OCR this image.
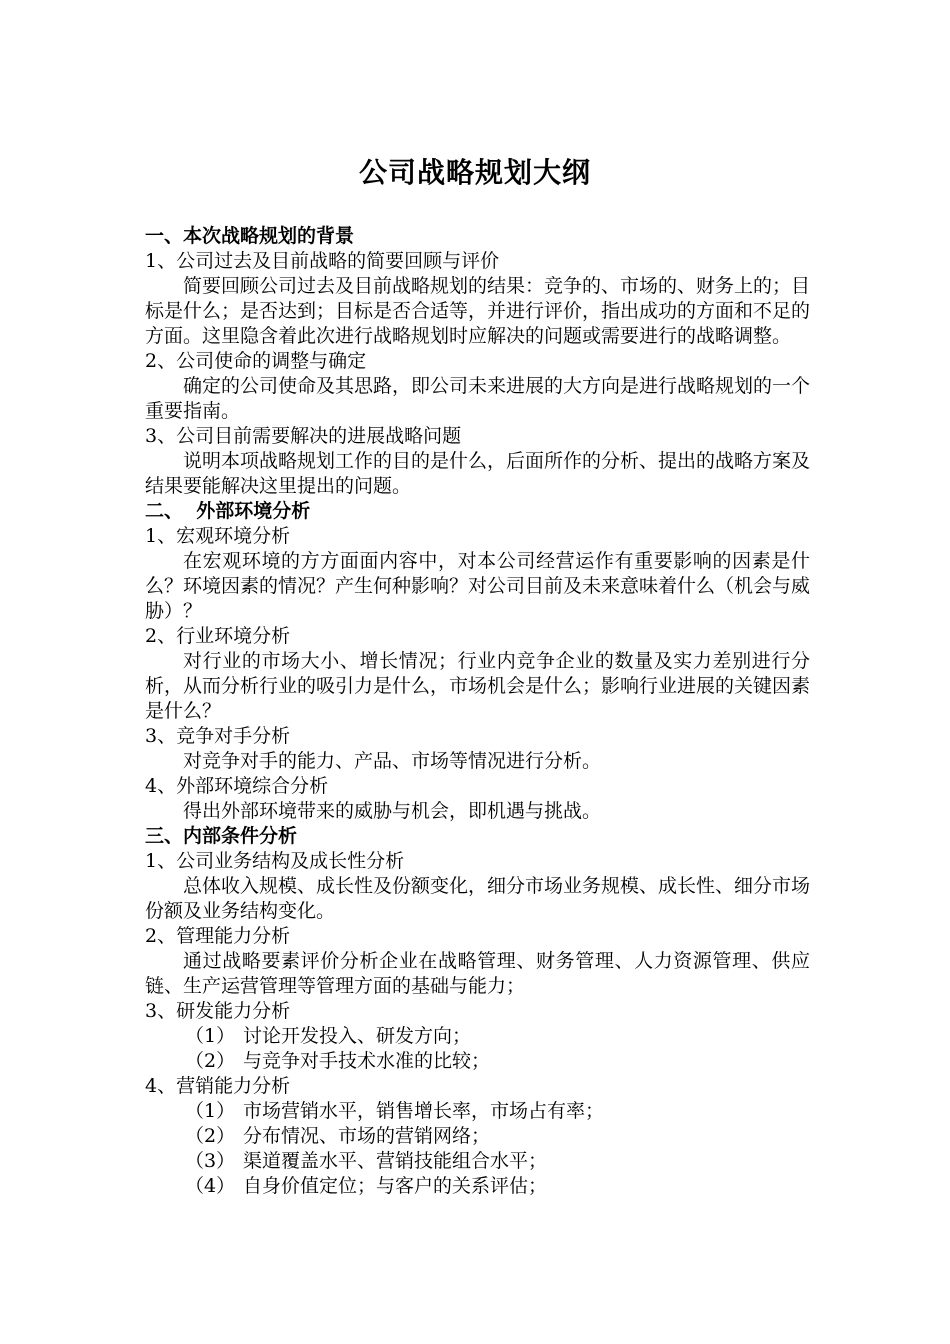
公司战略规划大纲
一、本次战略规划的背景
1、公司过去及目前战略的简要回顾与评价
简要回顾公司过去及目前战略规划的结果：竞争的、市场的、财务上的；目标是什么；是否达到；目标是否合适等，并进行评价，指出成功的方面和不足的方面。这里隐含着此次进行战略规划时应解决的问题或需要进行的战略调整。
2、公司使命的调整与确定
确定的公司使命及其思路，即公司未来进展的大方向是进行战略规划的一个重要指南。
3、公司目前需要解决的进展战略问题
说明本项战略规划工作的目的是什么，后面所作的分析、提出的战略方案及结果要能解决这里提出的问题。
二、  外部环境分析
1、宏观环境分析
在宏观环境的方方面面内容中，对本公司经营运作有重要影响的因素是什么？环境因素的情况？产生何种影响？对公司目前及未来意味着什么（机会与威胁）？
2、行业环境分析
对行业的市场大小、增长情况；行业内竞争企业的数量及实力差别进行分析，从而分析行业的吸引力是什么，市场机会是什么；影响行业进展的关键因素是什么？
3、竞争对手分析
对竞争对手的能力、产品、市场等情况进行分析。
4、外部环境综合分析
得出外部环境带来的威胁与机会，即机遇与挑战。
三、内部条件分析
1、公司业务结构及成长性分析
总体收入规模、成长性及份额变化，细分市场业务规模、成长性、细分市场份额及业务结构变化。
2、管理能力分析
通过战略要素评价分析企业在战略管理、财务管理、人力资源管理、供应链、生产运营管理等管理方面的基础与能力；
3、研发能力分析
（1） 讨论开发投入、研发方向；
（2） 与竞争对手技术水准的比较；
4、营销能力分析
（1） 市场营销水平，销售增长率，市场占有率；
（2） 分布情况、市场的营销网络；
（3） 渠道覆盖水平、营销技能组合水平；
（4） 自身价值定位；与客户的关系评估；
